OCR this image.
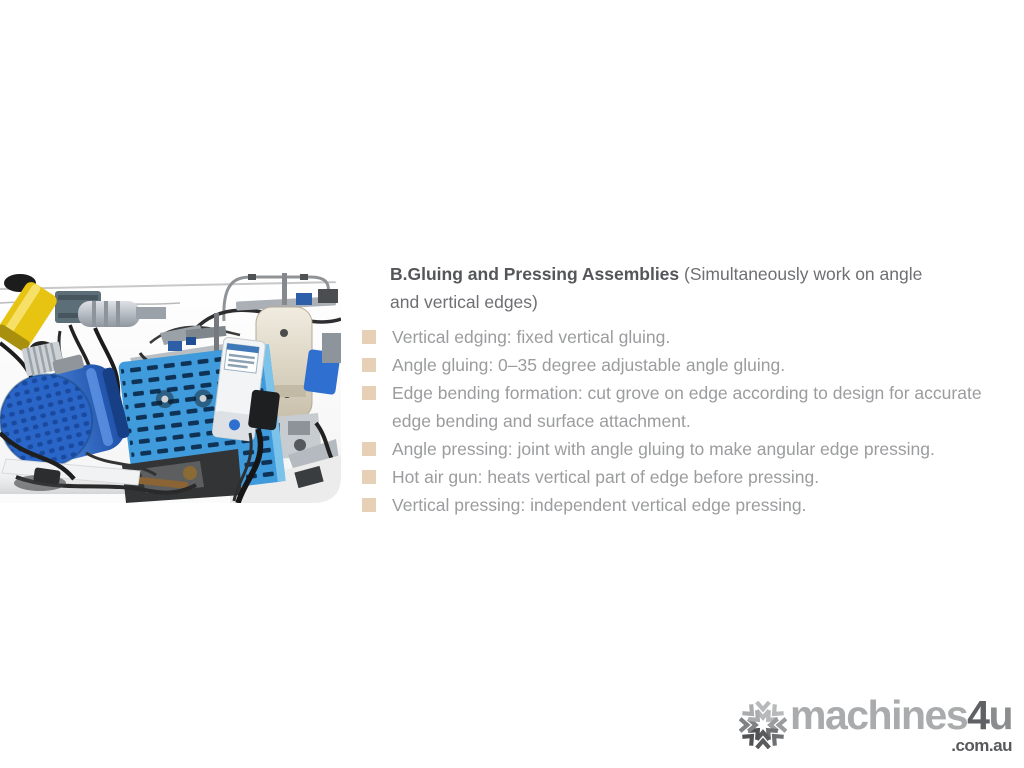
B.Gluing and Pressing Assemblies (Simultaneously work on angle and vertical edges)
Vertical edging: fixed vertical gluing.
Angle gluing: 0–35 degree adjustable angle gluing.
Edge bending formation: cut grove on edge according to design for accurate edge bending and surface attachment.
Angle pressing: joint with angle gluing to make angular edge pressing.
Hot air gun: heats vertical part of edge before pressing.
Vertical pressing: independent vertical edge pressing.
machines4u
.com.au
